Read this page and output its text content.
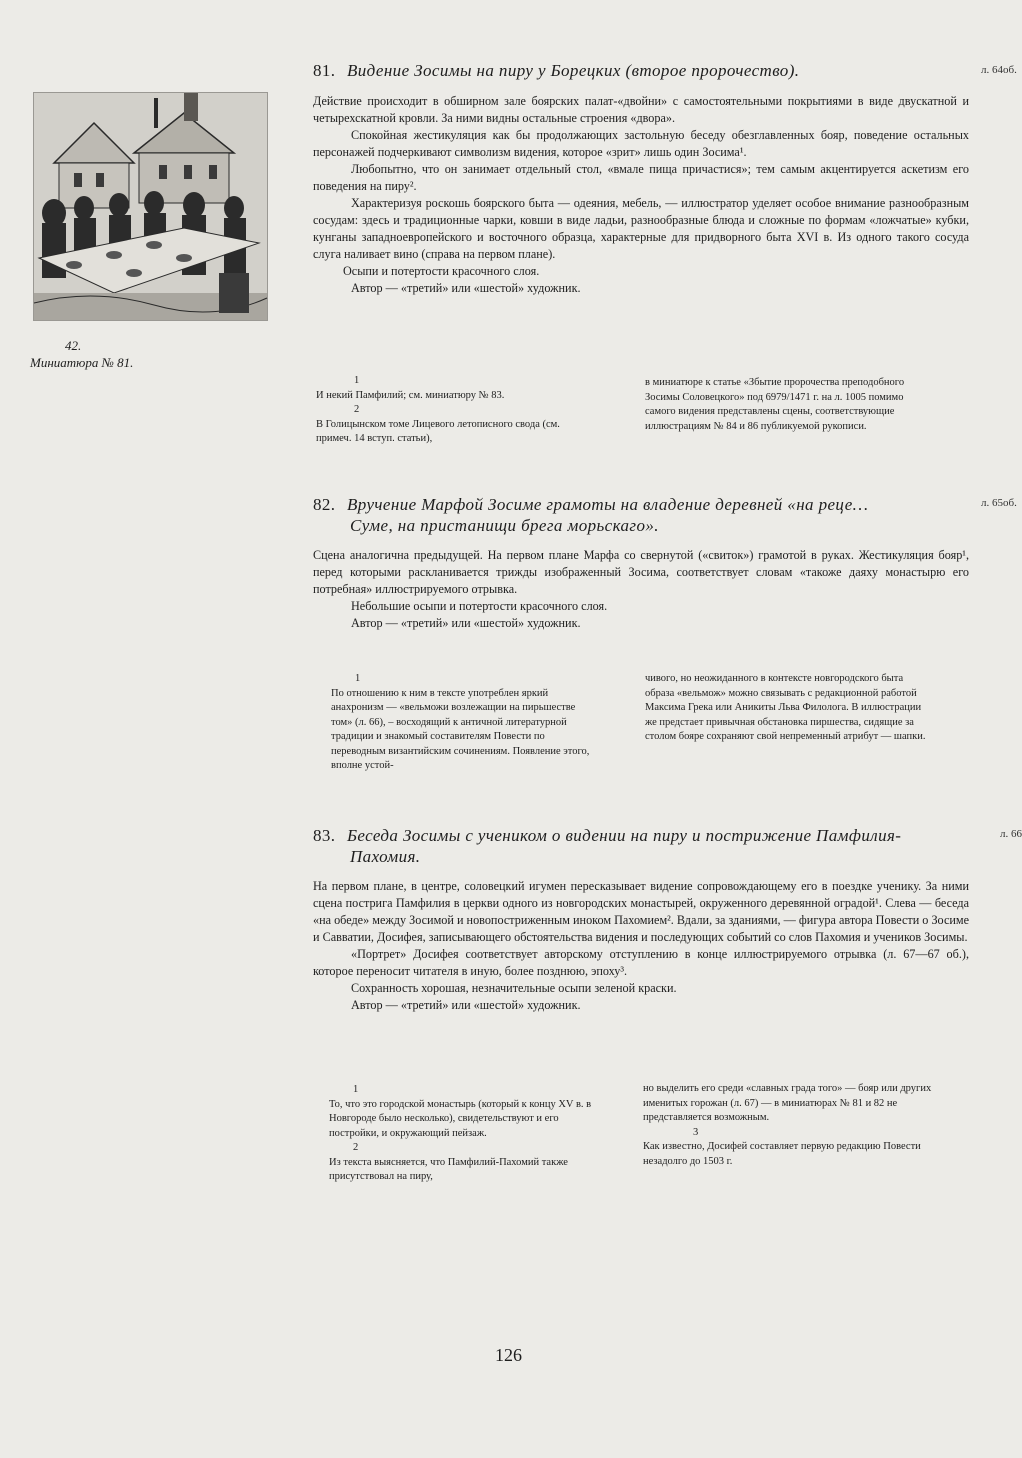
42.
Миниатюра № 81.
81. Видение Зосимы на пиру у Борецких (второе пророчество).	л. 64об.

Действие происходит в обширном зале боярских палат-«двойни» с самостоятельными покрытиями в виде двускатной и четырехскатной кровли. За ними видны остальные строения «двора».

Спокойная жестикуляция как бы продолжающих застольную беседу обезглавленных бояр, поведение остальных персонажей подчеркивают символизм видения, которое «зрит» лишь один Зосима¹.

Любопытно, что он занимает отдельный стол, «вмале пища причастися»; тем самым акцентируется аскетизм его поведения на пиру².

Характеризуя роскошь боярского быта — одеяния, мебель, — иллюстратор уделяет особое внимание разнообразным сосудам: здесь и традиционные чарки, ковши в виде ладьи, разнообразные блюда и сложные по формам «ложчатые» кубки, кунганы западноевропейского и восточного образца, характерные для придворного быта XVI в. Из одного такого сосуда слуга наливает вино (справа на первом плане).

Осыпи и потертости красочного слоя.

Автор — «третий» или «шестой» художник.

1
И некий Памфилий; см. миниатюру № 83.

2
В Голицынском томе Лицевого летописного свода (см. примеч. 14 вступ. статьи),

в миниатюре к статье «Збытие пророчества преподобного Зосимы Соловецкого» под 6979/1471 г. на л. 1005 помимо самого видения представлены сцены, соответствующие иллюстрациям № 84 и 86 публикуемой рукописи.

82. Вручение Марфой Зосиме грамоты на владение деревней «на реце…
Суме, на пристанищи брега морьскаго».
л. 65об.

Сцена аналогична предыдущей. На первом плане Марфа со свернутой («свиток») грамотой в руках. Жестикуляция бояр¹, перед которыми раскланивается трижды изображенный Зосима, соответствует словам «такоже даяху монастырю его потребная» иллюстрируемого отрывка.

Небольшие осыпи и потертости красочного слоя.

Автор — «третий» или «шестой» художник.

1
По отношению к ним в тексте употреблен яркий анахронизм — «вельможи возлежащии на пирьшестве том» (л. 66), – восходящий к античной литературной традиции и знакомый составителям Повести по переводным византийским сочинениям. Появление этого, вполне устой-

чивого, но неожиданного в контексте новгородского быта образа «вельмож» можно связывать с редакционной работой Максима Грека или Аникиты Льва Филолога. В иллюстрации же предстает привычная обстановка пиршества, сидящие за столом бояре сохраняют свой непременный атрибут — шапки.

83. Беседа Зосимы с учеником о видении на пиру и пострижение Памфилия-
Пахомия.
л. 66

На первом плане, в центре, соловецкий игумен пересказывает видение сопровождающему его в поездке ученику. За ними сцена пострига Памфилия в церкви одного из новгородских монастырей, окруженного деревянной оградой¹. Слева — беседа «на обеде» между Зосимой и новопостриженным иноком Пахомием². Вдали, за зданиями, — фигура автора Повести о Зосиме и Савватии, Досифея, записывающего обстоятельства видения и последующих событий со слов Пахомия и учеников Зосимы.

«Портрет» Досифея соответствует авторскому отступлению в конце иллюстрируемого отрывка (л. 67—67 об.), которое переносит читателя в иную, более позднюю, эпоху³.

Сохранность хорошая, незначительные осыпи зеленой краски.

Автор — «третий» или «шестой» художник.

1
То, что это городской монастырь (который к концу XV в. в Новгороде было несколько), свидетельствуют и его постройки, и окружающий пейзаж.

2
Из текста выясняется, что Памфилий-Пахомий также присутствовал на пиру,

но выделить его среди «славных града того» — бояр или других именитых горожан (л. 67) — в миниатюрах № 81 и 82 не представляется возможным.

3
Как известно, Досифей составляет первую редакцию Повести незадолго до 1503 г.

126
